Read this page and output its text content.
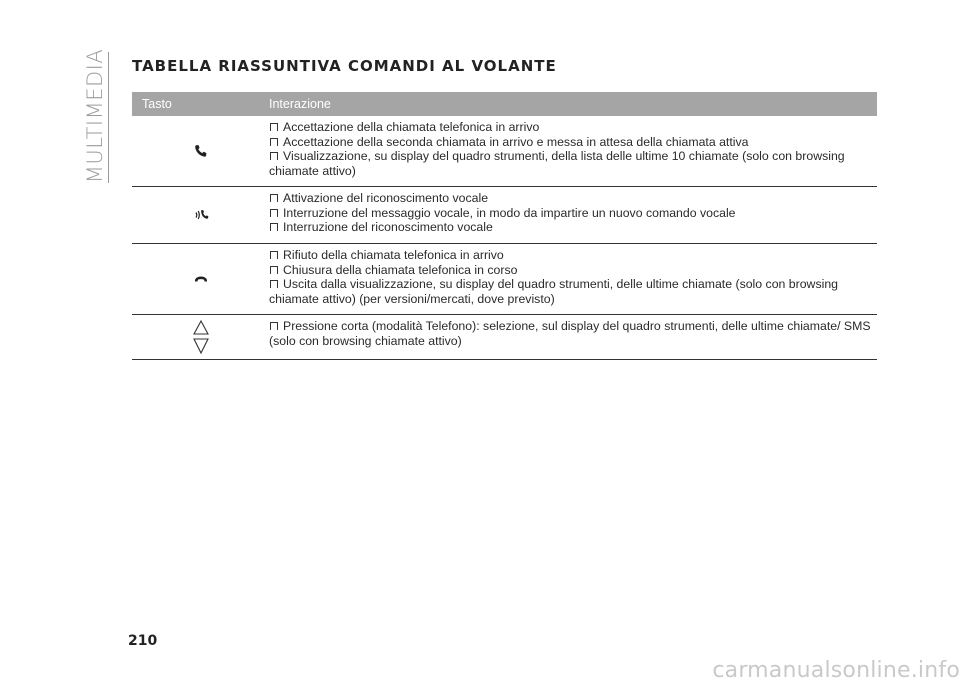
MULTIMEDIA TABELLA RIASSUNTIVA COMANDI AL VOLANTE
Tasto	Interazione
Accettazione della chiamata telefonica in arrivo
Accettazione della seconda chiamata in arrivo e messa in attesa della chiamata attiva
Visualizzazione, su display del quadro strumenti, della lista delle ultime 10 chiamate (solo con browsing chiamate attivo)
Attivazione del riconoscimento vocale
Interruzione del messaggio vocale, in modo da impartire un nuovo comando vocale
Interruzione del riconoscimento vocale
Rifiuto della chiamata telefonica in arrivo
Chiusura della chiamata telefonica in corso
Uscita dalla visualizzazione, su display del quadro strumenti, delle ultime chiamate (solo con browsing chiamate attivo) (per versioni/mercati, dove previsto)
Pressione corta (modalità Telefono): selezione, sul display del quadro strumenti, delle ultime chiamate/ SMS (solo con browsing chiamate attivo)
210
carmanualsonline.info
